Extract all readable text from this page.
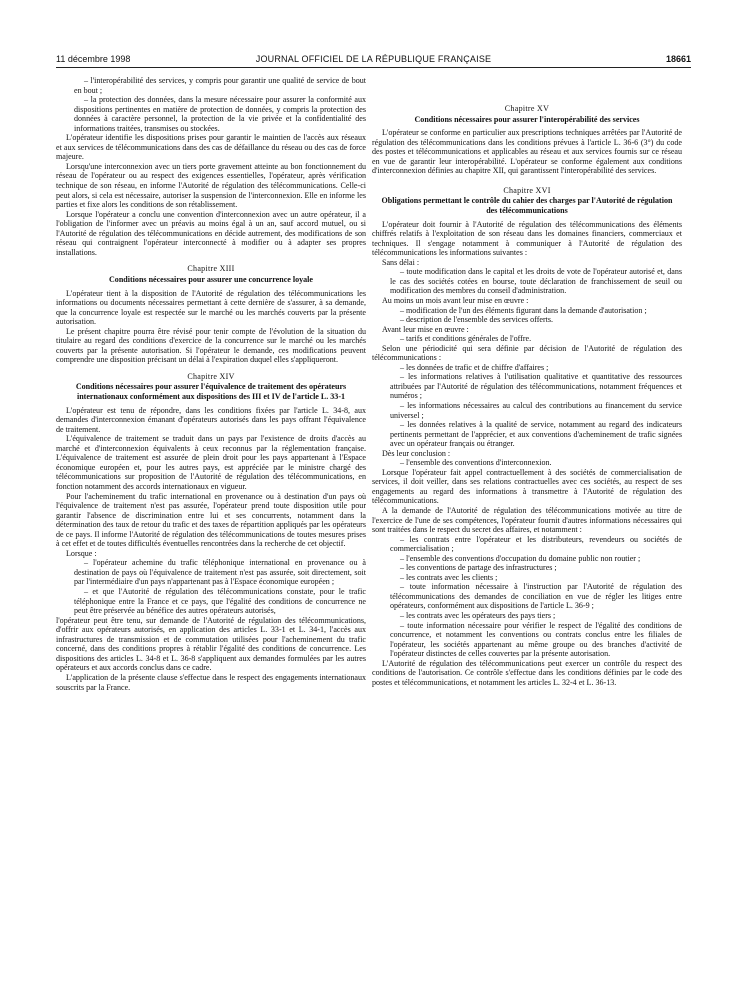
11 décembre 1998	JOURNAL OFFICIEL DE LA RÉPUBLIQUE FRANÇAISE	18661

– l'interopérabilité des services, y compris pour garantir une qualité de service de bout en bout ;

– la protection des données, dans la mesure nécessaire pour assurer la conformité aux dispositions pertinentes en matière de protection de données, y compris la protection des données à caractère personnel, la protection de la vie privée et la confidentialité des informations traitées, transmises ou stockées.

L'opérateur identifie les dispositions prises pour garantir le maintien de l'accès aux réseaux et aux services de télécommunications dans des cas de défaillance du réseau ou des cas de force majeure.

Lorsqu'une interconnexion avec un tiers porte gravement atteinte au bon fonctionnement du réseau de l'opérateur ou au respect des exigences essentielles, l'opérateur, après vérification technique de son réseau, en informe l'Autorité de régulation des télécommunications. Celle-ci peut alors, si cela est nécessaire, autoriser la suspension de l'interconnexion. Elle en informe les parties et fixe alors les conditions de son rétablissement.

Lorsque l'opérateur a conclu une convention d'interconnexion avec un autre opérateur, il a l'obligation de l'informer avec un préavis au moins égal à un an, sauf accord mutuel, ou si l'Autorité de régulation des télécommunications en décide autrement, des modifications de son réseau qui contraignent l'opérateur interconnecté à modifier ou à adapter ses propres installations.

Chapitre XIII
Conditions nécessaires pour assurer une concurrence loyale

L'opérateur tient à la disposition de l'Autorité de régulation des télécommunications les informations ou documents nécessaires permettant à cette dernière de s'assurer, à sa demande, que la concurrence loyale est respectée sur le marché ou les marchés couverts par la présente autorisation.

Le présent chapitre pourra être révisé pour tenir compte de l'évolution de la situation du titulaire au regard des conditions d'exercice de la concurrence sur le marché ou les marchés couverts par la présente autorisation. Si l'opérateur le demande, ces modifications peuvent comprendre une disposition précisant un délai à l'expiration duquel elles s'appliqueront.

Chapitre XIV
Conditions nécessaires pour assurer l'équivalence de traitement des opérateurs internationaux conformément aux dispositions des III et IV de l'article L. 33-1

L'opérateur est tenu de répondre, dans les conditions fixées par l'article L. 34-8, aux demandes d'interconnexion émanant d'opérateurs autorisés dans les pays offrant l'équivalence de traitement.

L'équivalence de traitement se traduit dans un pays par l'existence de droits d'accès au marché et d'interconnexion équivalents à ceux reconnus par la réglementation française. L'équivalence de traitement est assurée de plein droit pour les pays appartenant à l'Espace économique européen et, pour les autres pays, est appréciée par le ministre chargé des télécommunications sur proposition de l'Autorité de régulation des télécommunications, en fonction notamment des accords internationaux en vigueur.

Pour l'acheminement du trafic international en provenance ou à destination d'un pays où l'équivalence de traitement n'est pas assurée, l'opérateur prend toute disposition utile pour garantir l'absence de discrimination entre lui et ses concurrents, notamment dans la détermination des taux de retour du trafic et des taxes de répartition appliqués par les opérateurs de ce pays. Il informe l'Autorité de régulation des télécommunications de toutes mesures prises à cet effet et de toutes difficultés éventuelles rencontrées dans la recherche de cet objectif.

Lorsque :

– l'opérateur achemine du trafic téléphonique international en provenance ou à destination de pays où l'équivalence de traitement n'est pas assurée, soit directement, soit par l'intermédiaire d'un pays n'appartenant pas à l'Espace économique européen ;

– et que l'Autorité de régulation des télécommunications constate, pour le trafic téléphonique entre la France et ce pays, que l'égalité des conditions de concurrence ne peut être préservée au bénéfice des autres opérateurs autorisés,

l'opérateur peut être tenu, sur demande de l'Autorité de régulation des télécommunications, d'offrir aux opérateurs autorisés, en application des articles L. 33-1 et L. 34-1, l'accès aux infrastructures de transmission et de commutation utilisées pour l'acheminement du trafic concerné, dans des conditions propres à rétablir l'égalité des conditions de concurrence. Les dispositions des articles L. 34-8 et L. 36-8 s'appliquent aux demandes formulées par les autres opérateurs et aux accords conclus dans ce cadre.

L'application de la présente clause s'effectue dans le respect des engagements internationaux souscrits par la France.

Chapitre XV
Conditions nécessaires pour assurer l'interopérabilité des services

L'opérateur se conforme en particulier aux prescriptions techniques arrêtées par l'Autorité de régulation des télécommunications dans les conditions prévues à l'article L. 36-6 (3°) du code des postes et télécommunications et applicables au réseau et aux services fournis sur ce réseau en vue de garantir leur interopérabilité. L'opérateur se conforme également aux conditions d'interconnexion définies au chapitre XII, qui garantissent l'interopérabilité des services.

Chapitre XVI
Obligations permettant le contrôle du cahier des charges par l'Autorité de régulation des télécommunications

L'opérateur doit fournir à l'Autorité de régulation des télécommunications des éléments chiffrés relatifs à l'exploitation de son réseau dans les domaines financiers, commerciaux et techniques. Il s'engage notamment à communiquer à l'Autorité de régulation des télécommunications les informations suivantes :

Sans délai :

– toute modification dans le capital et les droits de vote de l'opérateur autorisé et, dans le cas des sociétés cotées en bourse, toute déclaration de franchissement de seuil ou modification des membres du conseil d'administration.

Au moins un mois avant leur mise en œuvre :

– modification de l'un des éléments figurant dans la demande d'autorisation ;

– description de l'ensemble des services offerts.

Avant leur mise en œuvre :

– tarifs et conditions générales de l'offre.

Selon une périodicité qui sera définie par décision de l'Autorité de régulation des télécommunications :

– les données de trafic et de chiffre d'affaires ;

– les informations relatives à l'utilisation qualitative et quantitative des ressources attribuées par l'Autorité de régulation des télécommunications, notamment fréquences et numéros ;

– les informations nécessaires au calcul des contributions au financement du service universel ;

– les données relatives à la qualité de service, notamment au regard des indicateurs pertinents permettant de l'apprécier, et aux conventions d'acheminement de trafic signées avec un opérateur français ou étranger.

Dès leur conclusion :

– l'ensemble des conventions d'interconnexion.

Lorsque l'opérateur fait appel contractuellement à des sociétés de commercialisation de services, il doit veiller, dans ses relations contractuelles avec ces sociétés, au respect de ses engagements au regard des informations à transmettre à l'Autorité de régulation des télécommunications.

A la demande de l'Autorité de régulation des télécommunications motivée au titre de l'exercice de l'une de ses compétences, l'opérateur fournit d'autres informations nécessaires qui sont traitées dans le respect du secret des affaires, et notamment :

– les contrats entre l'opérateur et les distributeurs, revendeurs ou sociétés de commercialisation ;

– l'ensemble des conventions d'occupation du domaine public non routier ;

– les conventions de partage des infrastructures ;

– les contrats avec les clients ;

– toute information nécessaire à l'instruction par l'Autorité de régulation des télécommunications des demandes de conciliation en vue de régler les litiges entre opérateurs, conformément aux dispositions de l'article L. 36-9 ;

– les contrats avec les opérateurs des pays tiers ;

– toute information nécessaire pour vérifier le respect de l'égalité des conditions de concurrence, et notamment les conventions ou contrats conclus entre les filiales de l'opérateur, les sociétés appartenant au même groupe ou des branches d'activité de l'opérateur distinctes de celles couvertes par la présente autorisation.

L'Autorité de régulation des télécommunications peut exercer un contrôle du respect des conditions de l'autorisation. Ce contrôle s'effectue dans les conditions définies par le code des postes et télécommunications, et notamment les articles L. 32-4 et L. 36-13.
